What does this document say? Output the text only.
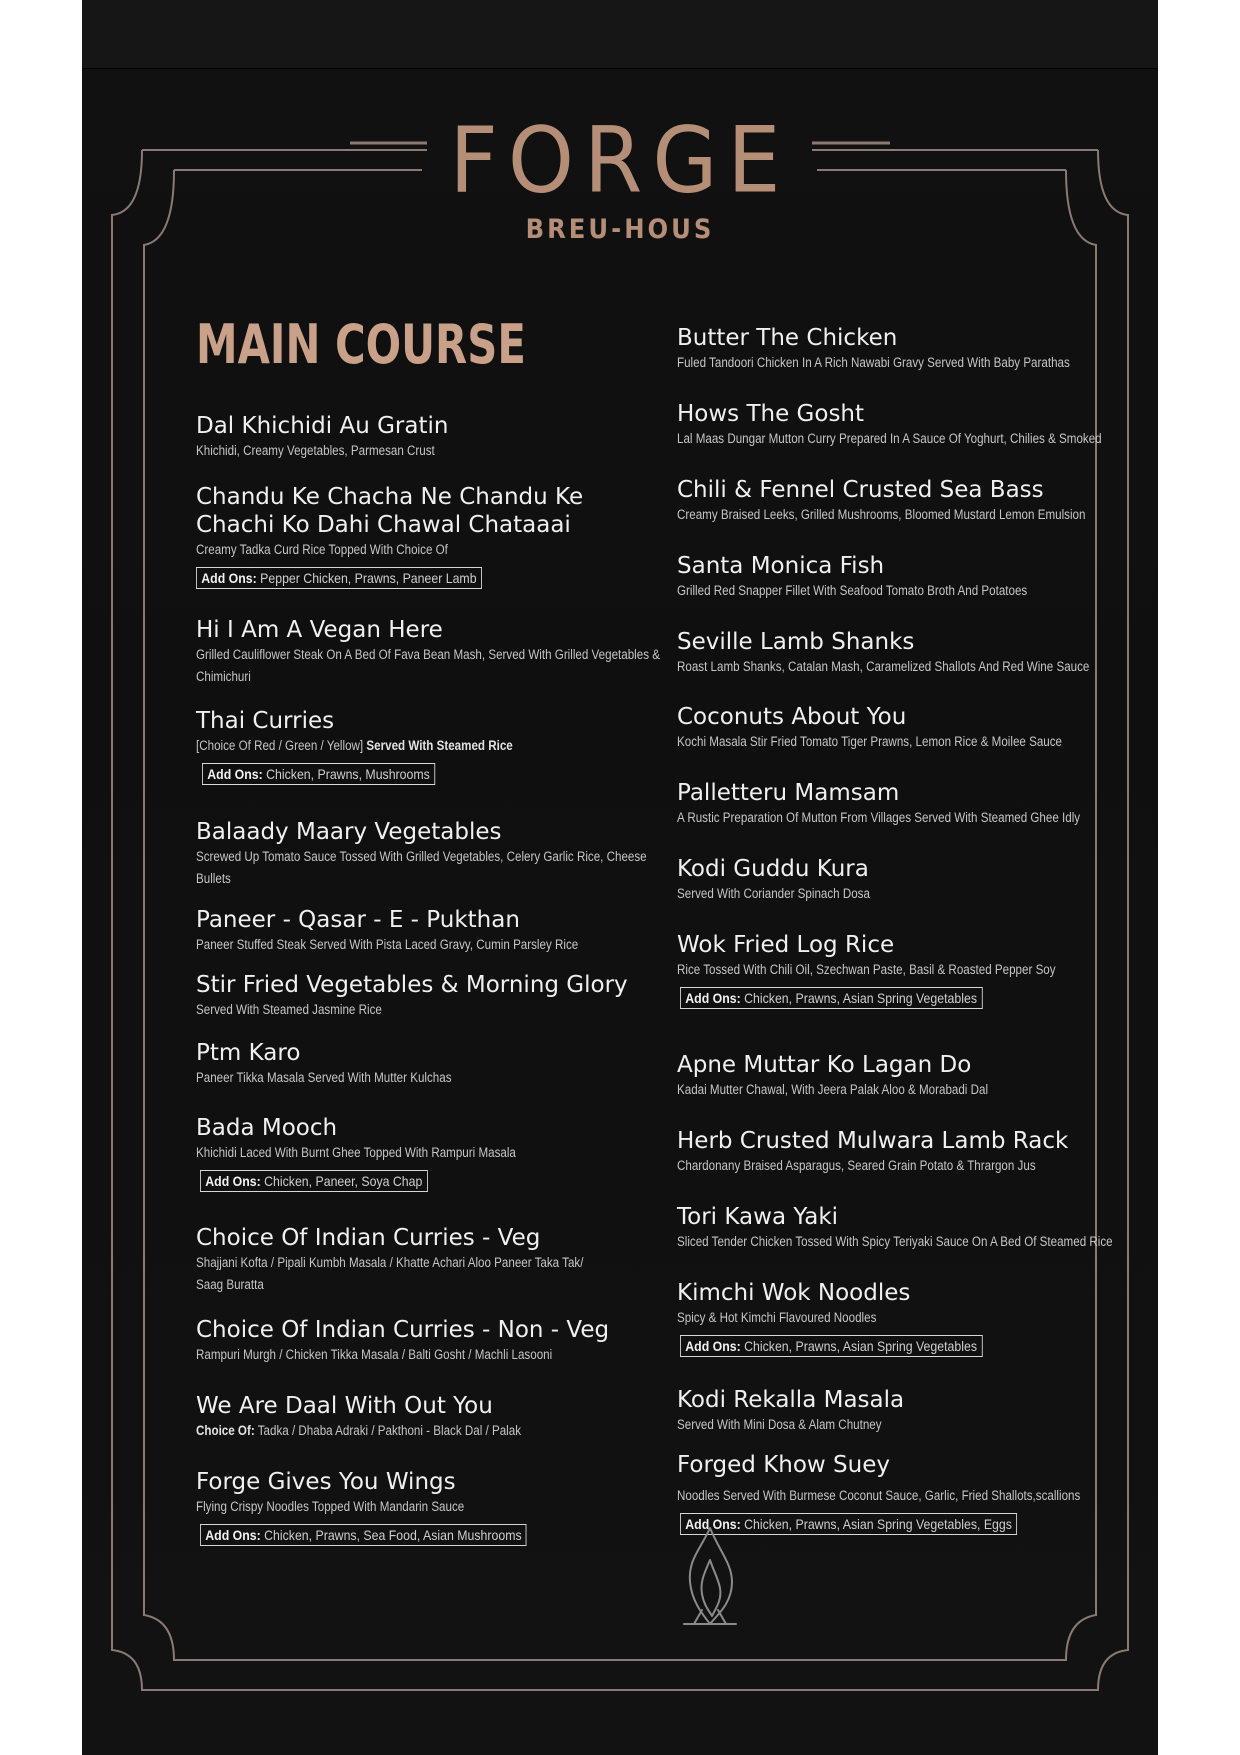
FORGE
BREU-HOUS
MAIN COURSE
Dal Khichidi Au Gratin
Khichidi, Creamy Vegetables, Parmesan Crust
Chandu Ke Chacha Ne Chandu Ke Chachi Ko Dahi Chawal Chataaai
Creamy Tadka Curd Rice Topped With Choice Of
Add Ons: Pepper Chicken, Prawns, Paneer Lamb
Hi I Am A Vegan Here
Grilled Cauliflower Steak On A Bed Of Fava Bean Mash, Served With Grilled Vegetables & Chimichuri
Thai Curries
[Choice Of Red / Green / Yellow] Served With Steamed Rice
Add Ons: Chicken, Prawns, Mushrooms
Balaady Maary Vegetables
Screwed Up Tomato Sauce Tossed With Grilled Vegetables, Celery Garlic Rice, Cheese Bullets
Paneer - Qasar - E - Pukthan
Paneer Stuffed Steak Served With Pista Laced Gravy, Cumin Parsley Rice
Stir Fried Vegetables & Morning Glory
Served With Steamed Jasmine Rice
Ptm Karo
Paneer Tikka Masala Served With Mutter Kulchas
Bada Mooch
Khichidi Laced With Burnt Ghee Topped With Rampuri Masala
Add Ons: Chicken, Paneer, Soya Chap
Choice Of Indian Curries - Veg
Shajjani Kofta / Pipali Kumbh Masala / Khatte Achari Aloo Paneer Taka Tak/ Saag Buratta
Choice Of Indian Curries - Non - Veg
Rampuri Murgh / Chicken Tikka Masala / Balti Gosht / Machli Lasooni
We Are Daal With Out You
Choice Of: Tadka / Dhaba Adraki / Pakthoni - Black Dal / Palak
Forge Gives You Wings
Flying Crispy Noodles Topped With Mandarin Sauce
Add Ons: Chicken, Prawns, Sea Food, Asian Mushrooms
Butter The Chicken
Fuled Tandoori Chicken In A Rich Nawabi Gravy Served With Baby Parathas
Hows The Gosht
Lal Maas Dungar Mutton Curry Prepared In A Sauce Of Yoghurt, Chilies & Smoked
Chili & Fennel Crusted Sea Bass
Creamy Braised Leeks, Grilled Mushrooms, Bloomed Mustard Lemon Emulsion
Santa Monica Fish
Grilled Red Snapper Fillet With Seafood Tomato Broth And Potatoes
Seville Lamb Shanks
Roast Lamb Shanks, Catalan Mash, Caramelized Shallots And Red Wine Sauce
Coconuts About You
Kochi Masala Stir Fried Tomato Tiger Prawns, Lemon Rice & Moilee Sauce
Palletteru Mamsam
A Rustic Preparation Of Mutton From Villages Served With Steamed Ghee Idly
Kodi Guddu Kura
Served With Coriander Spinach Dosa
Wok Fried Log Rice
Rice Tossed With Chili Oil, Szechwan Paste, Basil & Roasted Pepper Soy
Add Ons: Chicken, Prawns, Asian Spring Vegetables
Apne Muttar Ko Lagan Do
Kadai Mutter Chawal, With Jeera Palak Aloo & Morabadi Dal
Herb Crusted Mulwara Lamb Rack
Chardonany Braised Asparagus, Seared Grain Potato & Thrargon Jus
Tori Kawa Yaki
Sliced Tender Chicken Tossed With Spicy Teriyaki Sauce On A Bed Of Steamed Rice
Kimchi Wok Noodles
Spicy & Hot Kimchi Flavoured Noodles
Add Ons: Chicken, Prawns, Asian Spring Vegetables
Kodi Rekalla Masala
Served With Mini Dosa & Alam Chutney
Forged Khow Suey
Noodles Served With Burmese Coconut Sauce, Garlic, Fried Shallots,scallions
Add Ons: Chicken, Prawns, Asian Spring Vegetables, Eggs
